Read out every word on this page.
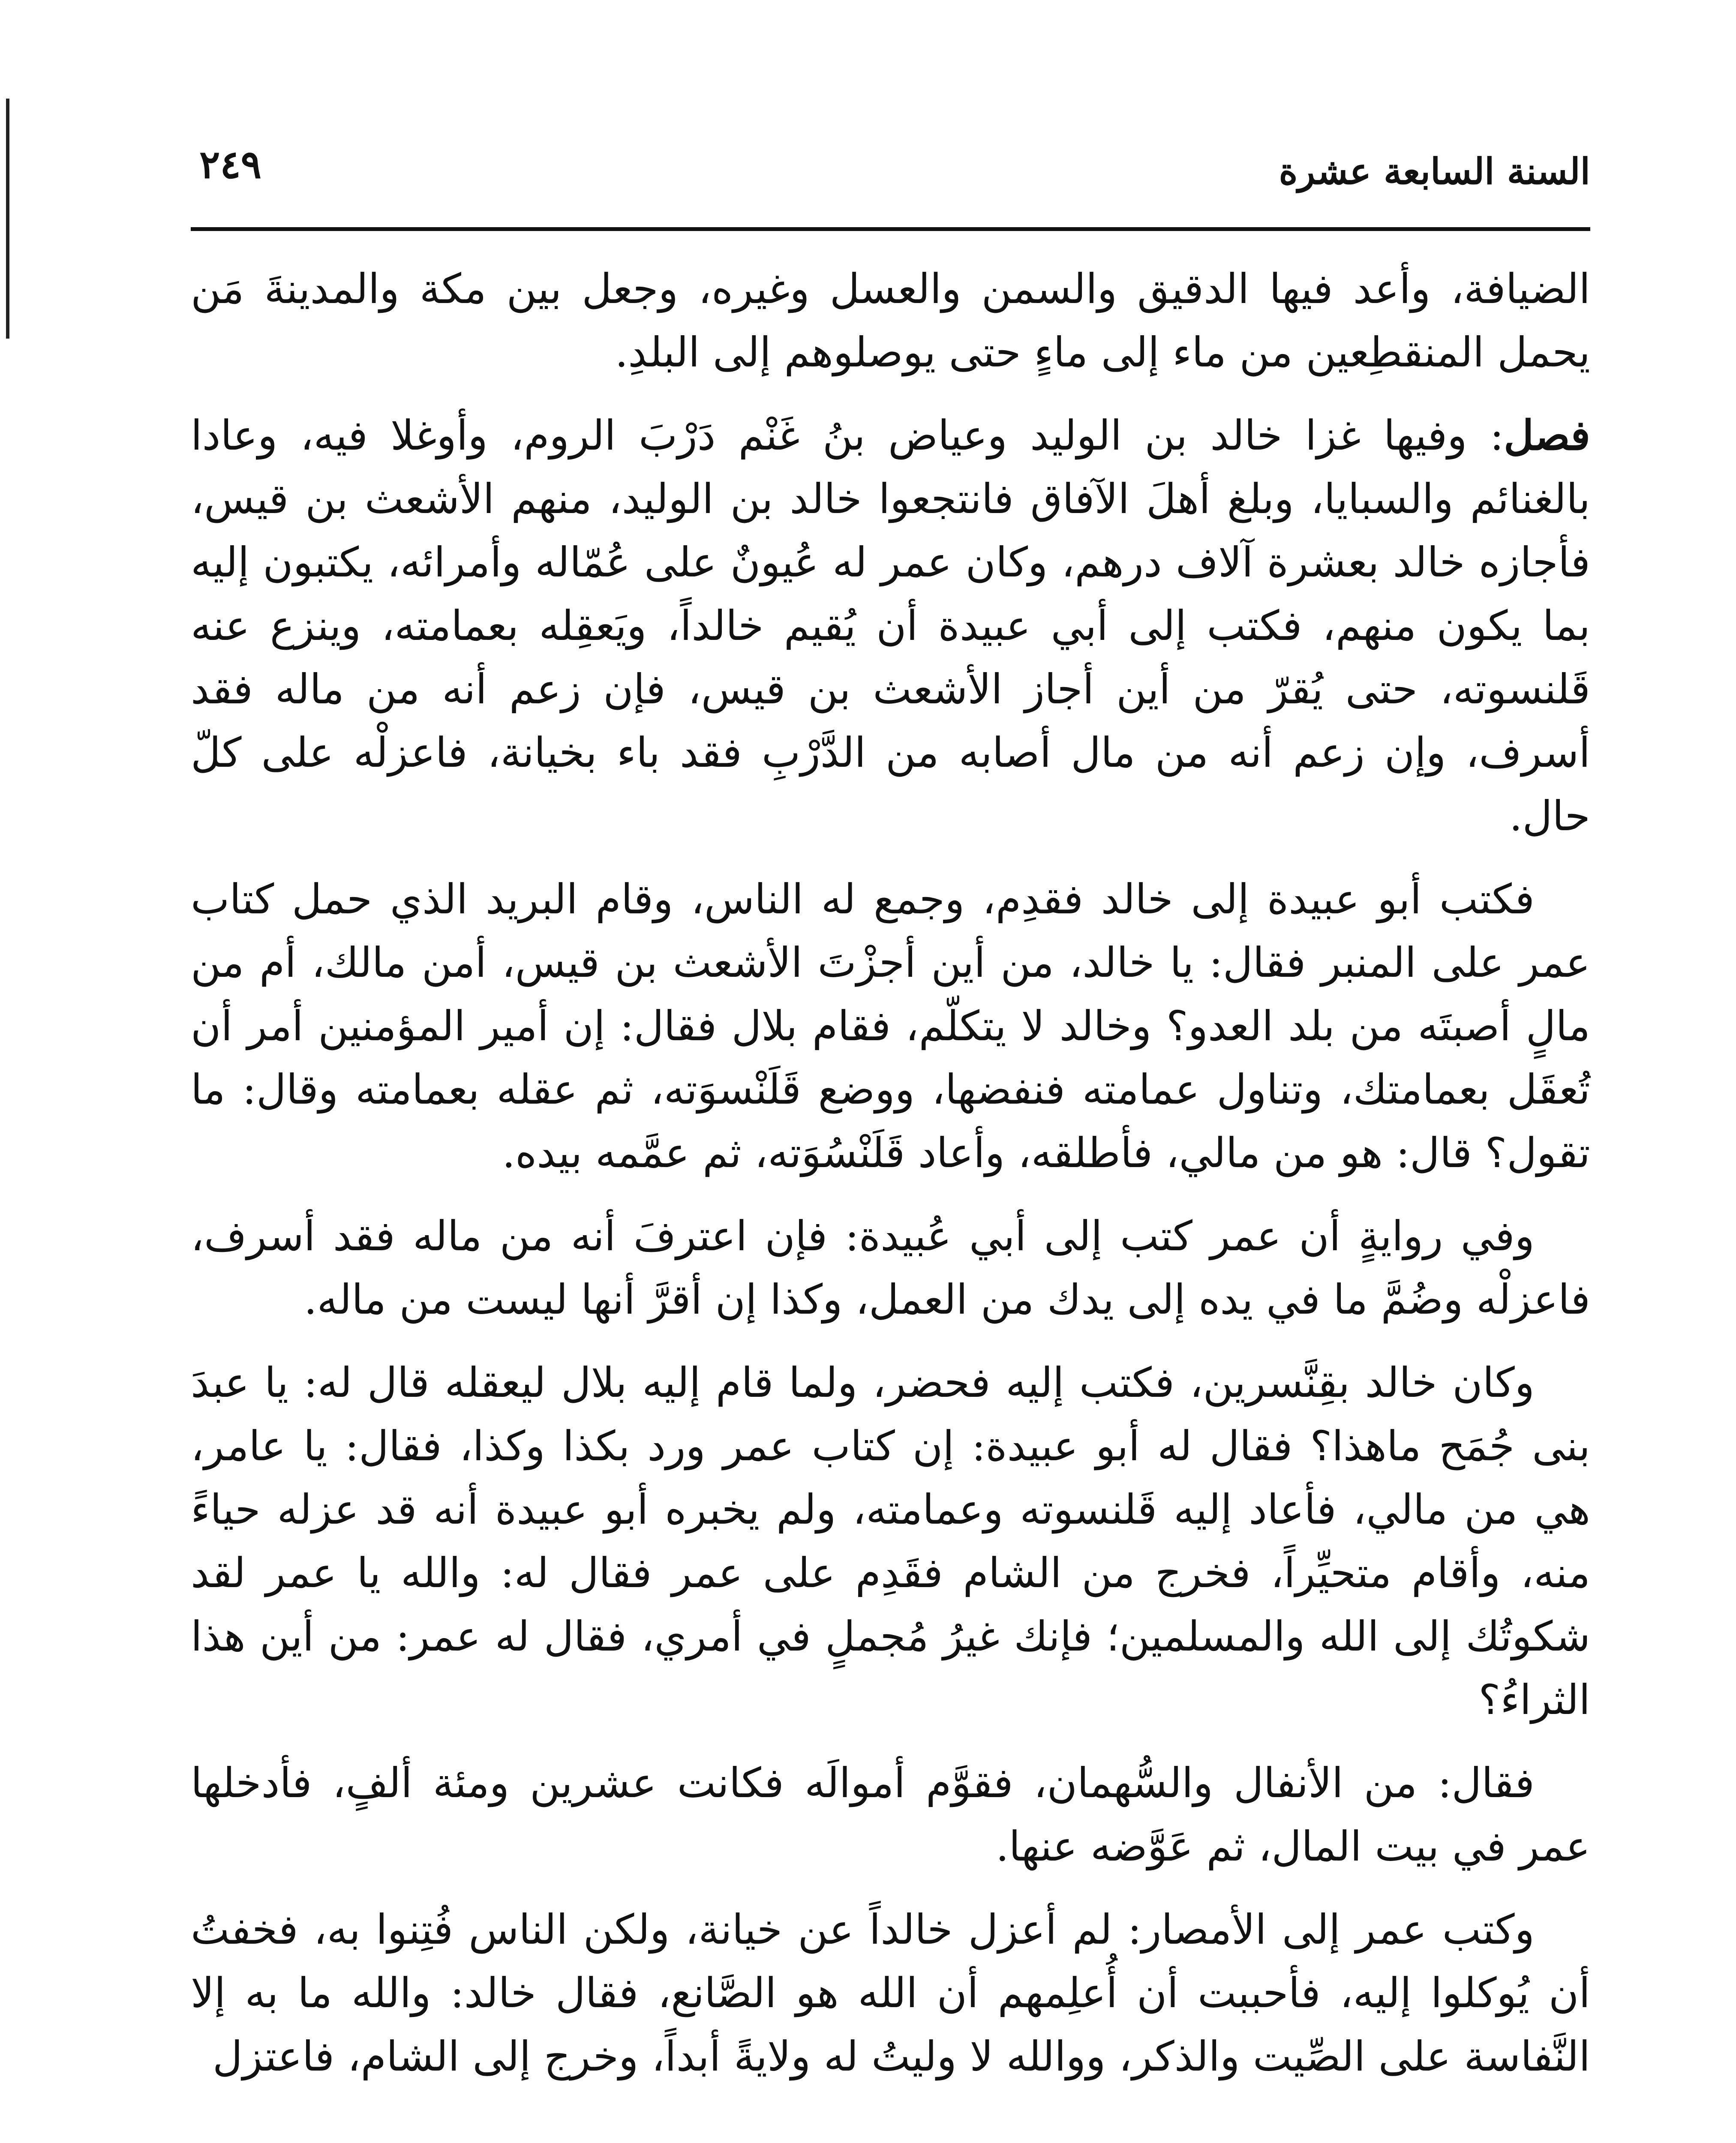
السنة السابعة عشرة
٢٤٩

الضيافة، وأعد فيها الدقيق والسمن والعسل وغيره، وجعل بين مكة والمدينةَ مَن يحمل المنقطِعين من ماء إلى ماءٍ حتى يوصلوهم إلى البلدِ.

فصل: وفيها غزا خالد بن الوليد وعياض بنُ غَنْم دَرْبَ الروم، وأوغلا فيه، وعادا بالغنائم والسبايا، وبلغ أهلَ الآفاق فانتجعوا خالد بن الوليد، منهم الأشعث بن قيس، فأجازه خالد بعشرة آلاف درهم، وكان عمر له عُيونٌ على عُمّاله وأمرائه، يكتبون إليه بما يكون منهم، فكتب إلى أبي عبيدة أن يُقيم خالداً، ويَعقِله بعمامته، وينزع عنه قَلنسوته، حتى يُقرّ من أين أجاز الأشعث بن قيس، فإن زعم أنه من ماله فقد أسرف، وإن زعم أنه من مال أصابه من الدَّرْبِ فقد باء بخيانة، فاعزلْه على كلّ حال.

فكتب أبو عبيدة إلى خالد فقدِم، وجمع له الناس، وقام البريد الذي حمل كتاب عمر على المنبر فقال: يا خالد، من أين أجزْتَ الأشعث بن قيس، أمن مالك، أم من مالٍ أصبتَه من بلد العدو؟ وخالد لا يتكلّم، فقام بلال فقال: إن أمير المؤمنين أمر أن تُعقَل بعمامتك، وتناول عمامته فنفضها، ووضع قَلَنْسوَته، ثم عقله بعمامته وقال: ما تقول؟ قال: هو من مالي، فأطلقه، وأعاد قَلَنْسُوَته، ثم عمَّمه بيده.

وفي روايةٍ أن عمر كتب إلى أبي عُبيدة: فإن اعترفَ أنه من ماله فقد أسرف، فاعزلْه وضُمَّ ما في يده إلى يدك من العمل، وكذا إن أقرَّ أنها ليست من ماله.

وكان خالد بقِنَّسرين، فكتب إليه فحضر، ولما قام إليه بلال ليعقله قال له: يا عبدَ بنى جُمَح ماهذا؟ فقال له أبو عبيدة: إن كتاب عمر ورد بكذا وكذا، فقال: يا عامر، هي من مالي، فأعاد إليه قَلنسوته وعمامته، ولم يخبره أبو عبيدة أنه قد عزله حياءً منه، وأقام متحيِّراً، فخرج من الشام فقَدِم على عمر فقال له: والله يا عمر لقد شكوتُك إلى الله والمسلمين؛ فإنك غيرُ مُجملٍ في أمري، فقال له عمر: من أين هذا الثراءُ؟

فقال: من الأنفال والسُّهمان، فقوَّم أموالَه فكانت عشرين ومئة ألفٍ، فأدخلها عمر في بيت المال، ثم عَوَّضه عنها.

وكتب عمر إلى الأمصار: لم أعزل خالداً عن خيانة، ولكن الناس فُتِنوا به، فخفتُ أن يُوكلوا إليه، فأحببت أن أُعلِمهم أن الله هو الصَّانع، فقال خالد: والله ما به إلا النَّفاسة على الصِّيت والذكر، ووالله لا وليتُ له ولايةً أبداً، وخرج إلى الشام، فاعتزل
